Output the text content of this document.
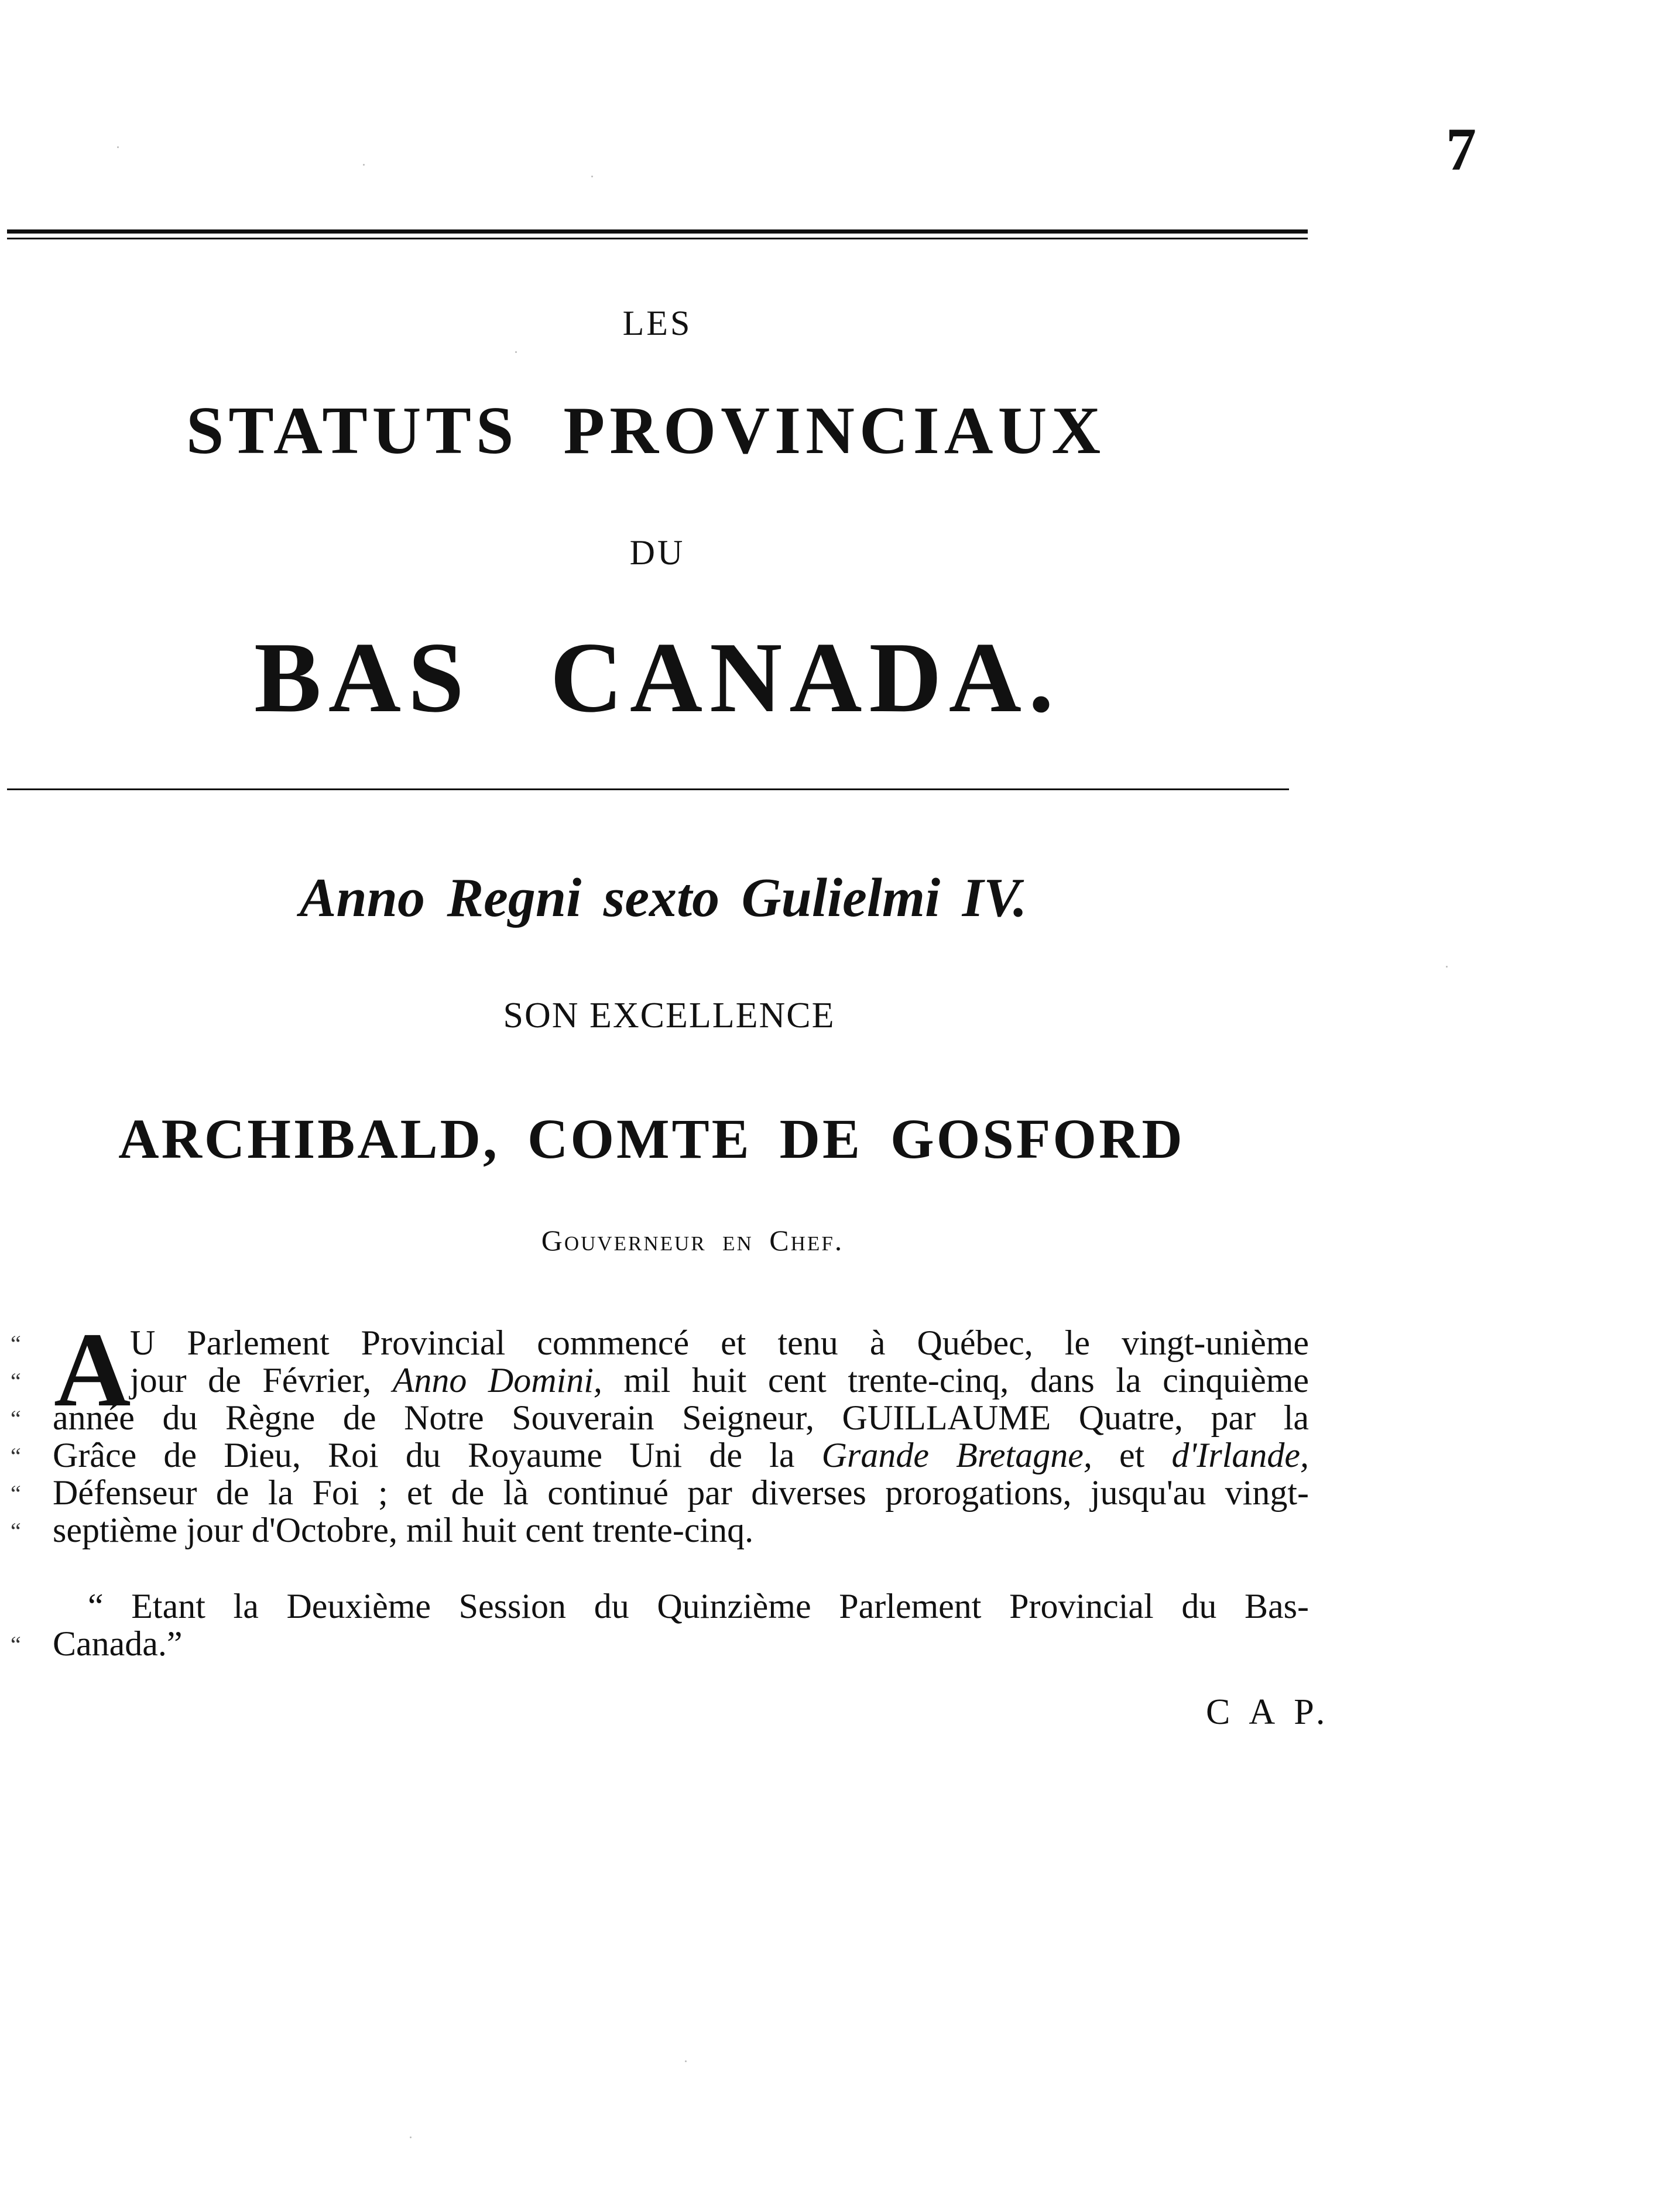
7
LES
STATUTS PROVINCIAUX
DU
BAS CANADA.
Anno Regni sexto Gulielmi IV.
SON EXCELLENCE
ARCHIBALD, COMTE DE GOSFORD
Gouverneur en Chef.
A
“	U Parlement Provincial commencé et tenu à Québec, le vingt-unième
“	jour de Février, Anno Domini, mil huit cent trente-cinq, dans la cinquième
“ année du Règne de Notre Souverain Seigneur, GUILLAUME Quatre, par la
“ Grâce de Dieu, Roi du Royaume Uni de la Grande Bretagne, et d'Irlande,
“ Défenseur de la Foi ; et de là continué par diverses prorogations, jusqu'au vingt-
“ septième jour d'Octobre, mil huit cent trente-cinq.
“ Etant la Deuxième Session du Quinzième Parlement Provincial du Bas-
“ Canada.”
C A P.
